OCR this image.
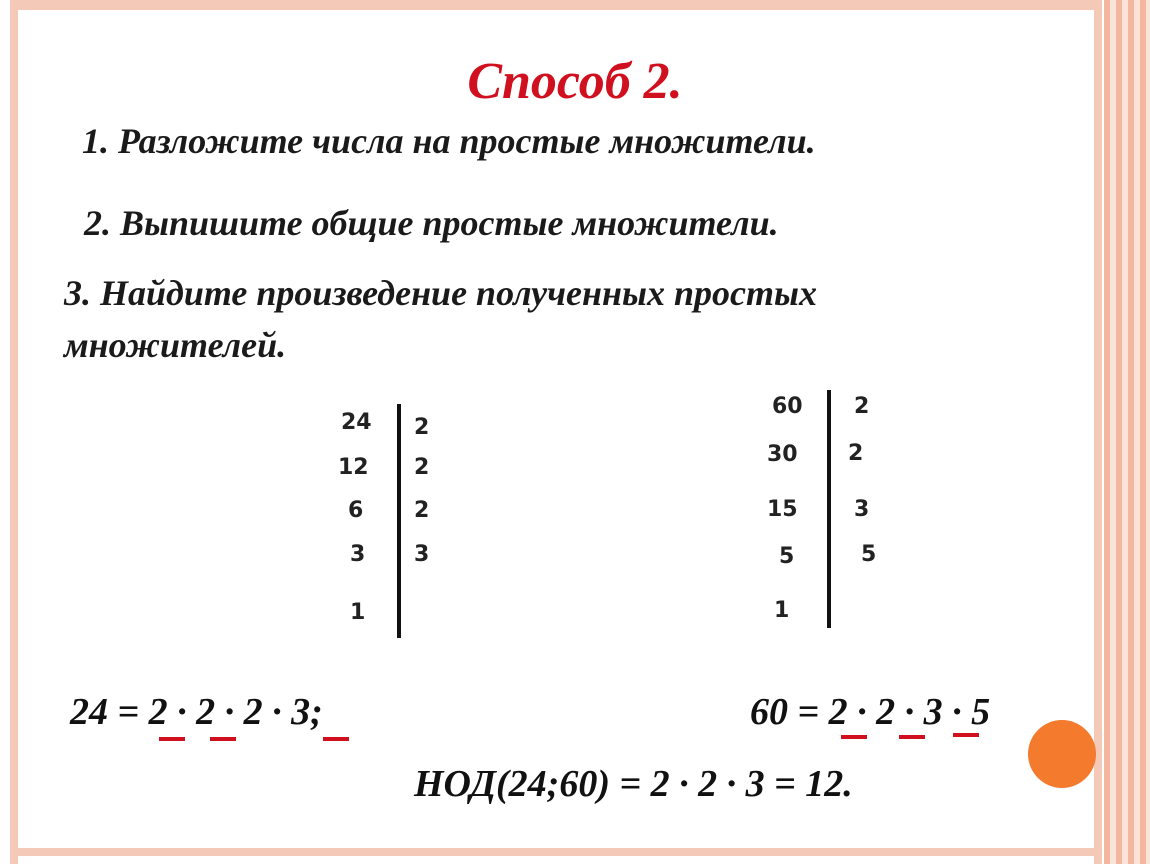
Способ 2.
1. Разложите числа на простые множители.
2. Выпишите общие простые множители.
3. Найдите произведение полученных простых
множителей.
24
12
6
3
1
2
2
2
3
60
30
15
5
1
2
2
3
5
24 = 2 · 2 · 2 · 3;	60 = 2 · 2 · 3 · 5
НОД(24;60) = 2 · 2 · 3 = 12.
